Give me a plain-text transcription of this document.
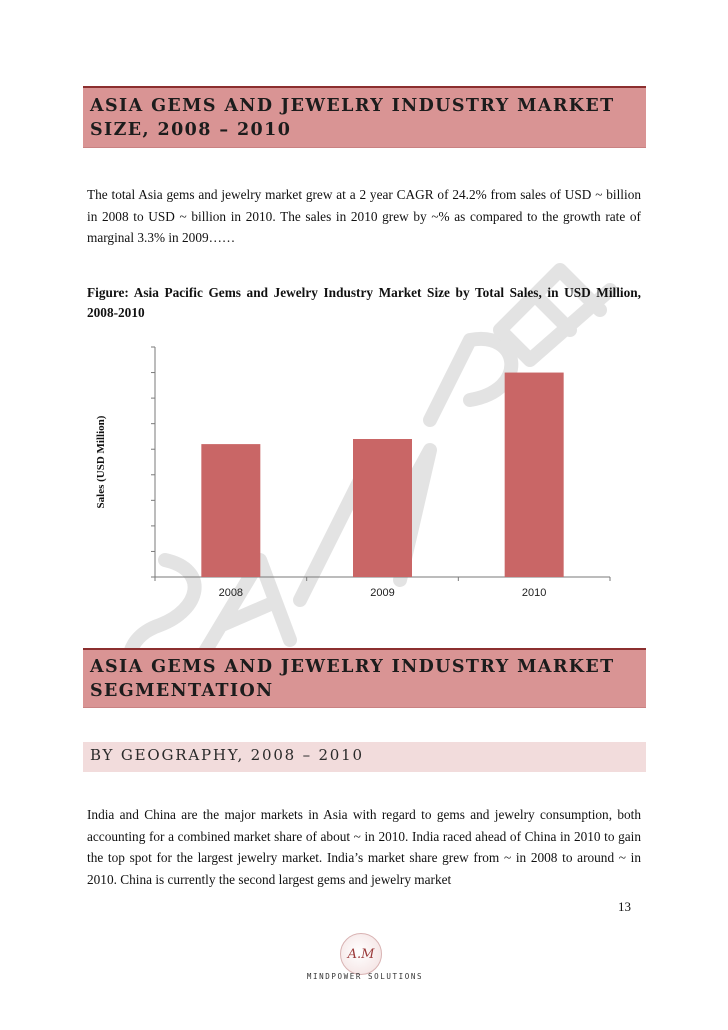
ASIA GEMS AND JEWELRY INDUSTRY MARKET
SIZE, 2008 – 2010
The total Asia gems and jewelry market grew at a 2 year CAGR of 24.2% from sales of USD ~ billion in 2008 to USD ~ billion in 2010. The sales in 2010 grew by ~% as compared to the growth rate of marginal 3.3% in 2009……
Figure: Asia Pacific Gems and Jewelry Industry Market Size by Total Sales, in USD Million, 2008-2010
2008	2009	2010
Sales (USD Million)
ASIA GEMS AND JEWELRY INDUSTRY MARKET
SEGMENTATION
BY GEOGRAPHY, 2008 – 2010
India and China are the major markets in Asia with regard to gems and jewelry consumption, both accounting for a combined market share of about ~ in 2010. India raced ahead of China in 2010 to gain the top spot for the largest jewelry market. India’s market share grew from ~ in 2008 to around ~ in 2010. China is currently the second largest gems and jewelry market
13
A.M
MINDPOWER SOLUTIONS
